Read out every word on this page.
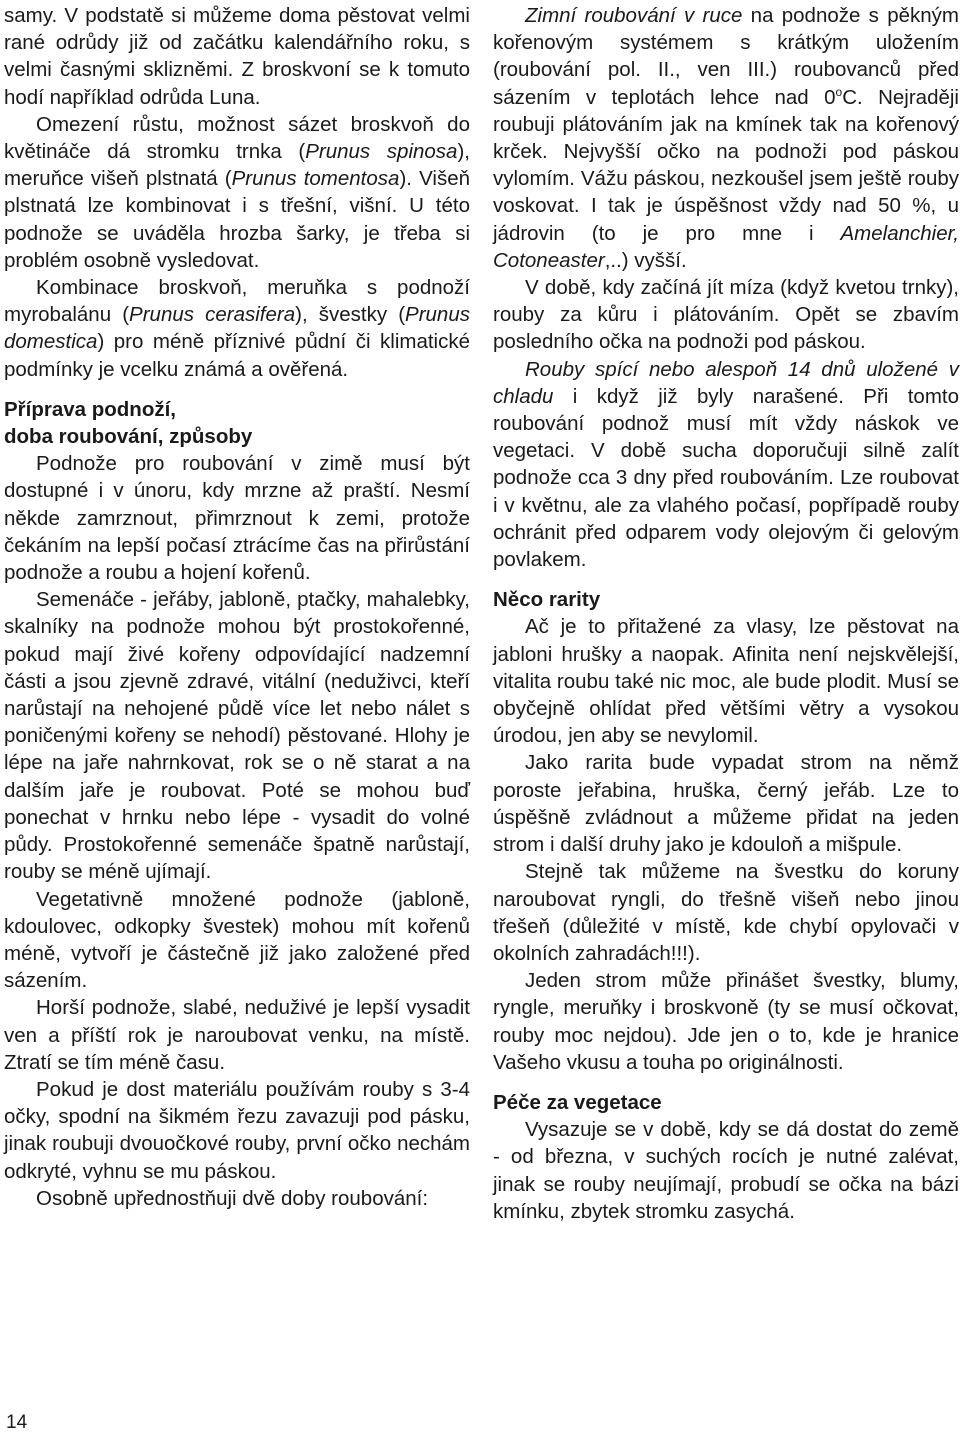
samy. V podstatě si můžeme doma pěstovat velmi rané odrůdy již od začátku kalendářního roku, s velmi časnými sklizněmi. Z broskvoní se k tomuto hodí například odrůda Luna.

Omezení růstu, možnost sázet broskvoň do květináče dá stromku trnka (Prunus spinosa), meruňce višeň plstnatá (Prunus tomentosa). Višeň plstnatá lze kombinovat i s třešní, višní. U této podnože se uváděla hrozba šarky, je třeba si problém osobně vysledovat.

Kombinace broskvoň, meruňka s podnoží myrobalánu (Prunus cerasifera), švestky (Prunus domestica) pro méně příznivé půdní či klimatické podmínky je vcelku známá a ověřená.

Příprava podnoží,
doba roubování, způsoby

Podnože pro roubování v zimě musí být dostupné i v únoru, kdy mrzne až praští. Nesmí někde zamrznout, přimrznout k zemi, protože čekáním na lepší počasí ztrácíme čas na přirůstání podnože a roubu a hojení kořenů.

Semenáče - jeřáby, jabloně, ptačky, mahalebky, skalníky na podnože mohou být prostokořenné, pokud mají živé kořeny odpovídající nadzemní části a jsou zjevně zdravé, vitální (neduživci, kteří narůstají na nehojené půdě více let nebo nálet s poničenými kořeny se nehodí) pěstované. Hlohy je lépe na jaře nahrnkovat, rok se o ně starat a na dalším jaře je roubovat. Poté se mohou buď ponechat v hrnku nebo lépe - vysadit do volné půdy. Prostokořenné semenáče špatně narůstají, rouby se méně ujímají.

Vegetativně množené podnože (jabloně, kdoulovec, odkopky švestek) mohou mít kořenů méně, vytvoří je částečně již jako založené před sázením.

Horší podnože, slabé, neduživé je lepší vysadit ven a příští rok je naroubovat venku, na místě. Ztratí se tím méně času.

Pokud je dost materiálu používám rouby s 3-4 očky, spodní na šikmém řezu zavazuji pod pásku, jinak roubuji dvouočkové rouby, první očko nechám odkryté, vyhnu se mu páskou.

Osobně upřednostňuji dvě doby roubování:

Zimní roubování v ruce na podnože s pěkným kořenovým systémem s krátkým uložením (roubování pol. II., ven III.) roubovanců před sázením v teplotách lehce nad 0$^o$C. Nejraději roubuji plátováním jak na kmínek tak na kořenový krček. Nejvyšší očko na podnoži pod páskou vylomím. Vážu páskou, nezkoušel jsem ještě rouby voskovat. I tak je úspěšnost vždy nad 50 %, u jádrovin (to je pro mne i Amelanchier, Cotoneaster,..) vyšší.

V době, kdy začíná jít míza (když kvetou trnky), rouby za kůru i plátováním. Opět se zbavím posledního očka na podnoži pod páskou.

Rouby spící nebo alespoň 14 dnů uložené v chladu i když již byly narašené. Při tomto roubování podnož musí mít vždy náskok ve vegetaci. V době sucha doporučuji silně zalít podnože cca 3 dny před roubováním. Lze roubovat i v květnu, ale za vlahého počasí, popřípadě rouby ochránit před odparem vody olejovým či gelovým povlakem.

Něco rarity

Ač je to přitažené za vlasy, lze pěstovat na jabloni hrušky a naopak. Afinita není nejskvělejší, vitalita roubu také nic moc, ale bude plodit. Musí se obyčejně ohlídat před většími větry a vysokou úrodou, jen aby se nevylomil.

Jako rarita bude vypadat strom na němž poroste jeřabina, hruška, černý jeřáb. Lze to úspěšně zvládnout a můžeme přidat na jeden strom i další druhy jako je kdouloň a mišpule.

Stejně tak můžeme na švestku do koruny naroubovat ryngli, do třešně višeň nebo jinou třešeň (důležité v místě, kde chybí opylovači v okolních zahradách!!!).

Jeden strom může přinášet švestky, blumy, ryngle, meruňky i broskvoně (ty se musí očkovat, rouby moc nejdou). Jde jen o to, kde je hranice Vašeho vkusu a touha po originálnosti.

Péče za vegetace

Vysazuje se v době, kdy se dá dostat do země - od března, v suchých rocích je nutné zalévat, jinak se rouby neujímají, probudí se očka na bázi kmínku, zbytek stromku zasychá.

14
